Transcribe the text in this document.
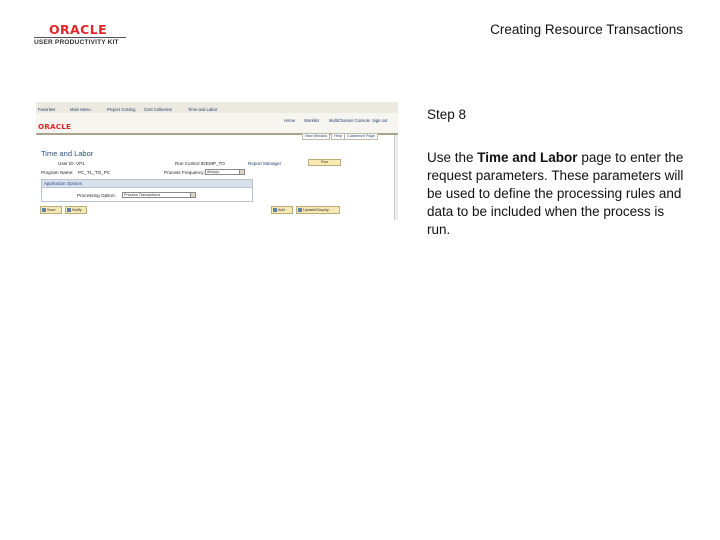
ORACLE
USER PRODUCTIVITY KIT
Creating Resource Transactions
Favorites	Main Menu	Project Costing Cost Collection	Time and Labor
ORACLE
Home Worklist MultiChannel Console Sign out
New Window	Help	Customize Page
Time and Labor
User ID: VP1	Run Control ID: EMP_TO	Report Manager	Run
Program Name: PC_TL_TO_PC	Process Frequency: Always
Application Options
Processing Option:	Process Transactions
Save	Notify	Add	Update/Display
Step 8
Use the Time and Labor page to enter the request parameters. These parameters will be used to define the processing rules and data to be included when the process is run.
